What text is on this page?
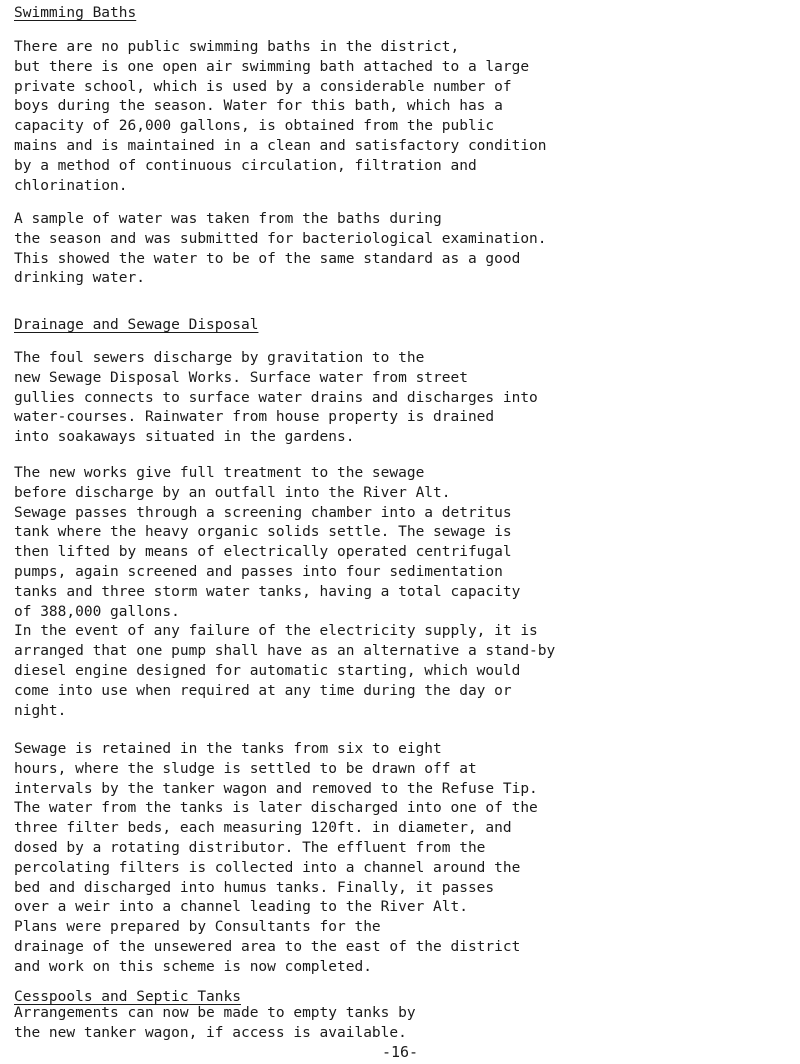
Swimming Baths

There are no public swimming baths in the district,
but there is one open air swimming bath attached to a large
private school, which is used by a considerable number of
boys during the season. Water for this bath, which has a
capacity of 26,000 gallons, is obtained from the public
mains and is maintained in a clean and satisfactory condition
by a method of continuous circulation, filtration and
chlorination.

A sample of water was taken from the baths during
the season and was submitted for bacteriological examination.
This showed the water to be of the same standard as a good
drinking water.

Drainage and Sewage Disposal

The foul sewers discharge by gravitation to the
new Sewage Disposal Works. Surface water from street
gullies connects to surface water drains and discharges into
water-courses. Rainwater from house property is drained
into soakaways situated in the gardens.

The new works give full treatment to the sewage
before discharge by an outfall into the River Alt.
Sewage passes through a screening chamber into a detritus
tank where the heavy organic solids settle. The sewage is
then lifted by means of electrically operated centrifugal
pumps, again screened and passes into four sedimentation
tanks and three storm water tanks, having a total capacity
of 388,000 gallons.
In the event of any failure of the electricity supply, it is
arranged that one pump shall have as an alternative a stand-by
diesel engine designed for automatic starting, which would
come into use when required at any time during the day or
night.

Sewage is retained in the tanks from six to eight
hours, where the sludge is settled to be drawn off at
intervals by the tanker wagon and removed to the Refuse Tip.
The water from the tanks is later discharged into one of the
three filter beds, each measuring 120ft. in diameter, and
dosed by a rotating distributor. The effluent from the
percolating filters is collected into a channel around the
bed and discharged into humus tanks. Finally, it passes
over a weir into a channel leading to the River Alt.

Plans were prepared by Consultants for the
drainage of the unsewered area to the east of the district
and work on this scheme is now completed.

Cesspools and Septic Tanks

Arrangements can now be made to empty tanks by
the new tanker wagon, if access is available.

-16-
